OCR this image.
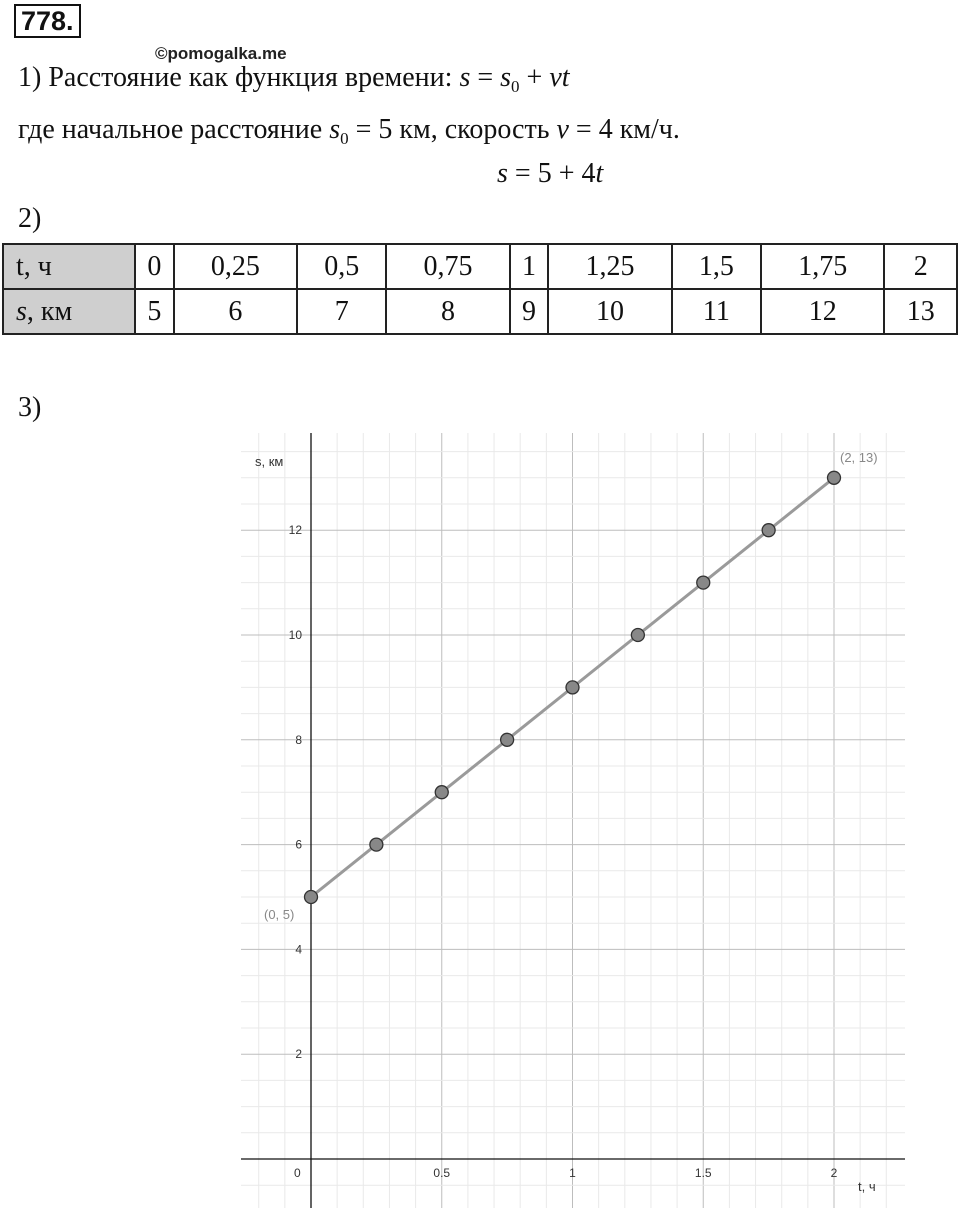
778.
©pomogalka.me
1) Расстояние как функция времени: $s = s_0$ + vt
где начальное расстояние $s_0 = 5$ км, скорость v = 4 км/ч.
s = 5 + 4t
2)
t, ч	0	0,25	0,5	0,75	1	1,25	1,5	1,75	2
s, км	5	6	7	8	9	10	11	12	13
3)
0	0.5	1	1.5	2
2
4
6
8
10
12
t, ч
s, км
(0, 5)
(2, 13)
